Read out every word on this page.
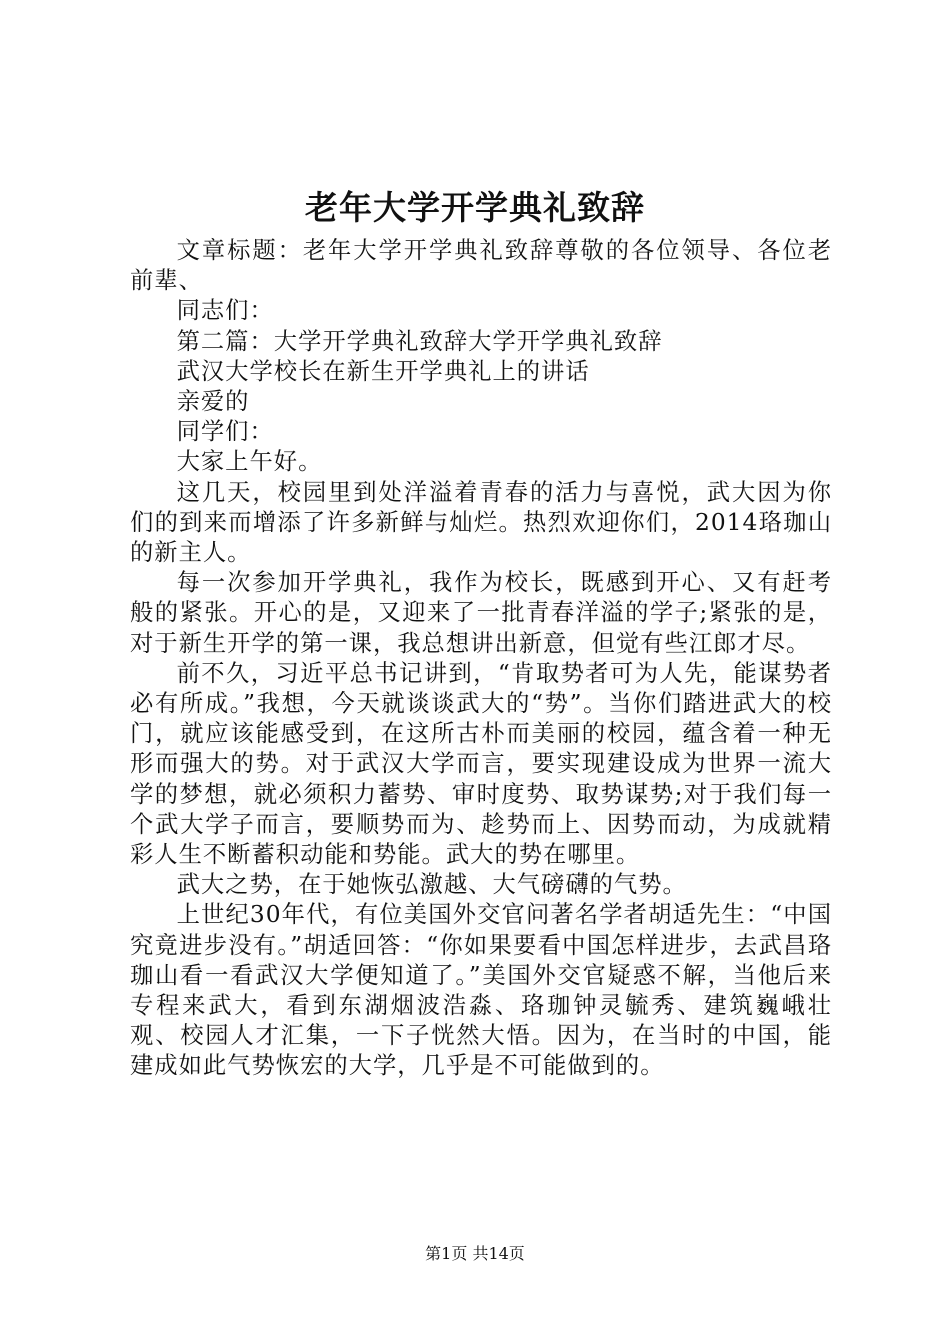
老年大学开学典礼致辞

文章标题：老年大学开学典礼致辞尊敬的各位领导、各位老前辈、

同志们：

第二篇：大学开学典礼致辞大学开学典礼致辞

武汉大学校长在新生开学典礼上的讲话

亲爱的

同学们：

大家上午好。

这几天，校园里到处洋溢着青春的活力与喜悦，武大因为你们的到来而增添了许多新鲜与灿烂。热烈欢迎你们，2014珞珈山的新主人。

每一次参加开学典礼，我作为校长，既感到开心、又有赶考般的紧张。开心的是，又迎来了一批青春洋溢的学子;紧张的是，对于新生开学的第一课，我总想讲出新意，但觉有些江郎才尽。

前不久，习近平总书记讲到，“肯取势者可为人先，能谋势者必有所成。”我想，今天就谈谈武大的“势”。当你们踏进武大的校门，就应该能感受到，在这所古朴而美丽的校园，蕴含着一种无形而强大的势。对于武汉大学而言，要实现建设成为世界一流大学的梦想，就必须积力蓄势、审时度势、取势谋势;对于我们每一个武大学子而言，要顺势而为、趁势而上、因势而动，为成就精彩人生不断蓄积动能和势能。武大的势在哪里。

武大之势，在于她恢弘激越、大气磅礴的气势。

上世纪30年代，有位美国外交官问著名学者胡适先生：“中国究竟进步没有。”胡适回答：“你如果要看中国怎样进步，去武昌珞珈山看一看武汉大学便知道了。”美国外交官疑惑不解，当他后来专程来武大，看到东湖烟波浩淼、珞珈钟灵毓秀、建筑巍峨壮观、校园人才汇集，一下子恍然大悟。因为，在当时的中国，能建成如此气势恢宏的大学，几乎是不可能做到的。

第1页 共14页
